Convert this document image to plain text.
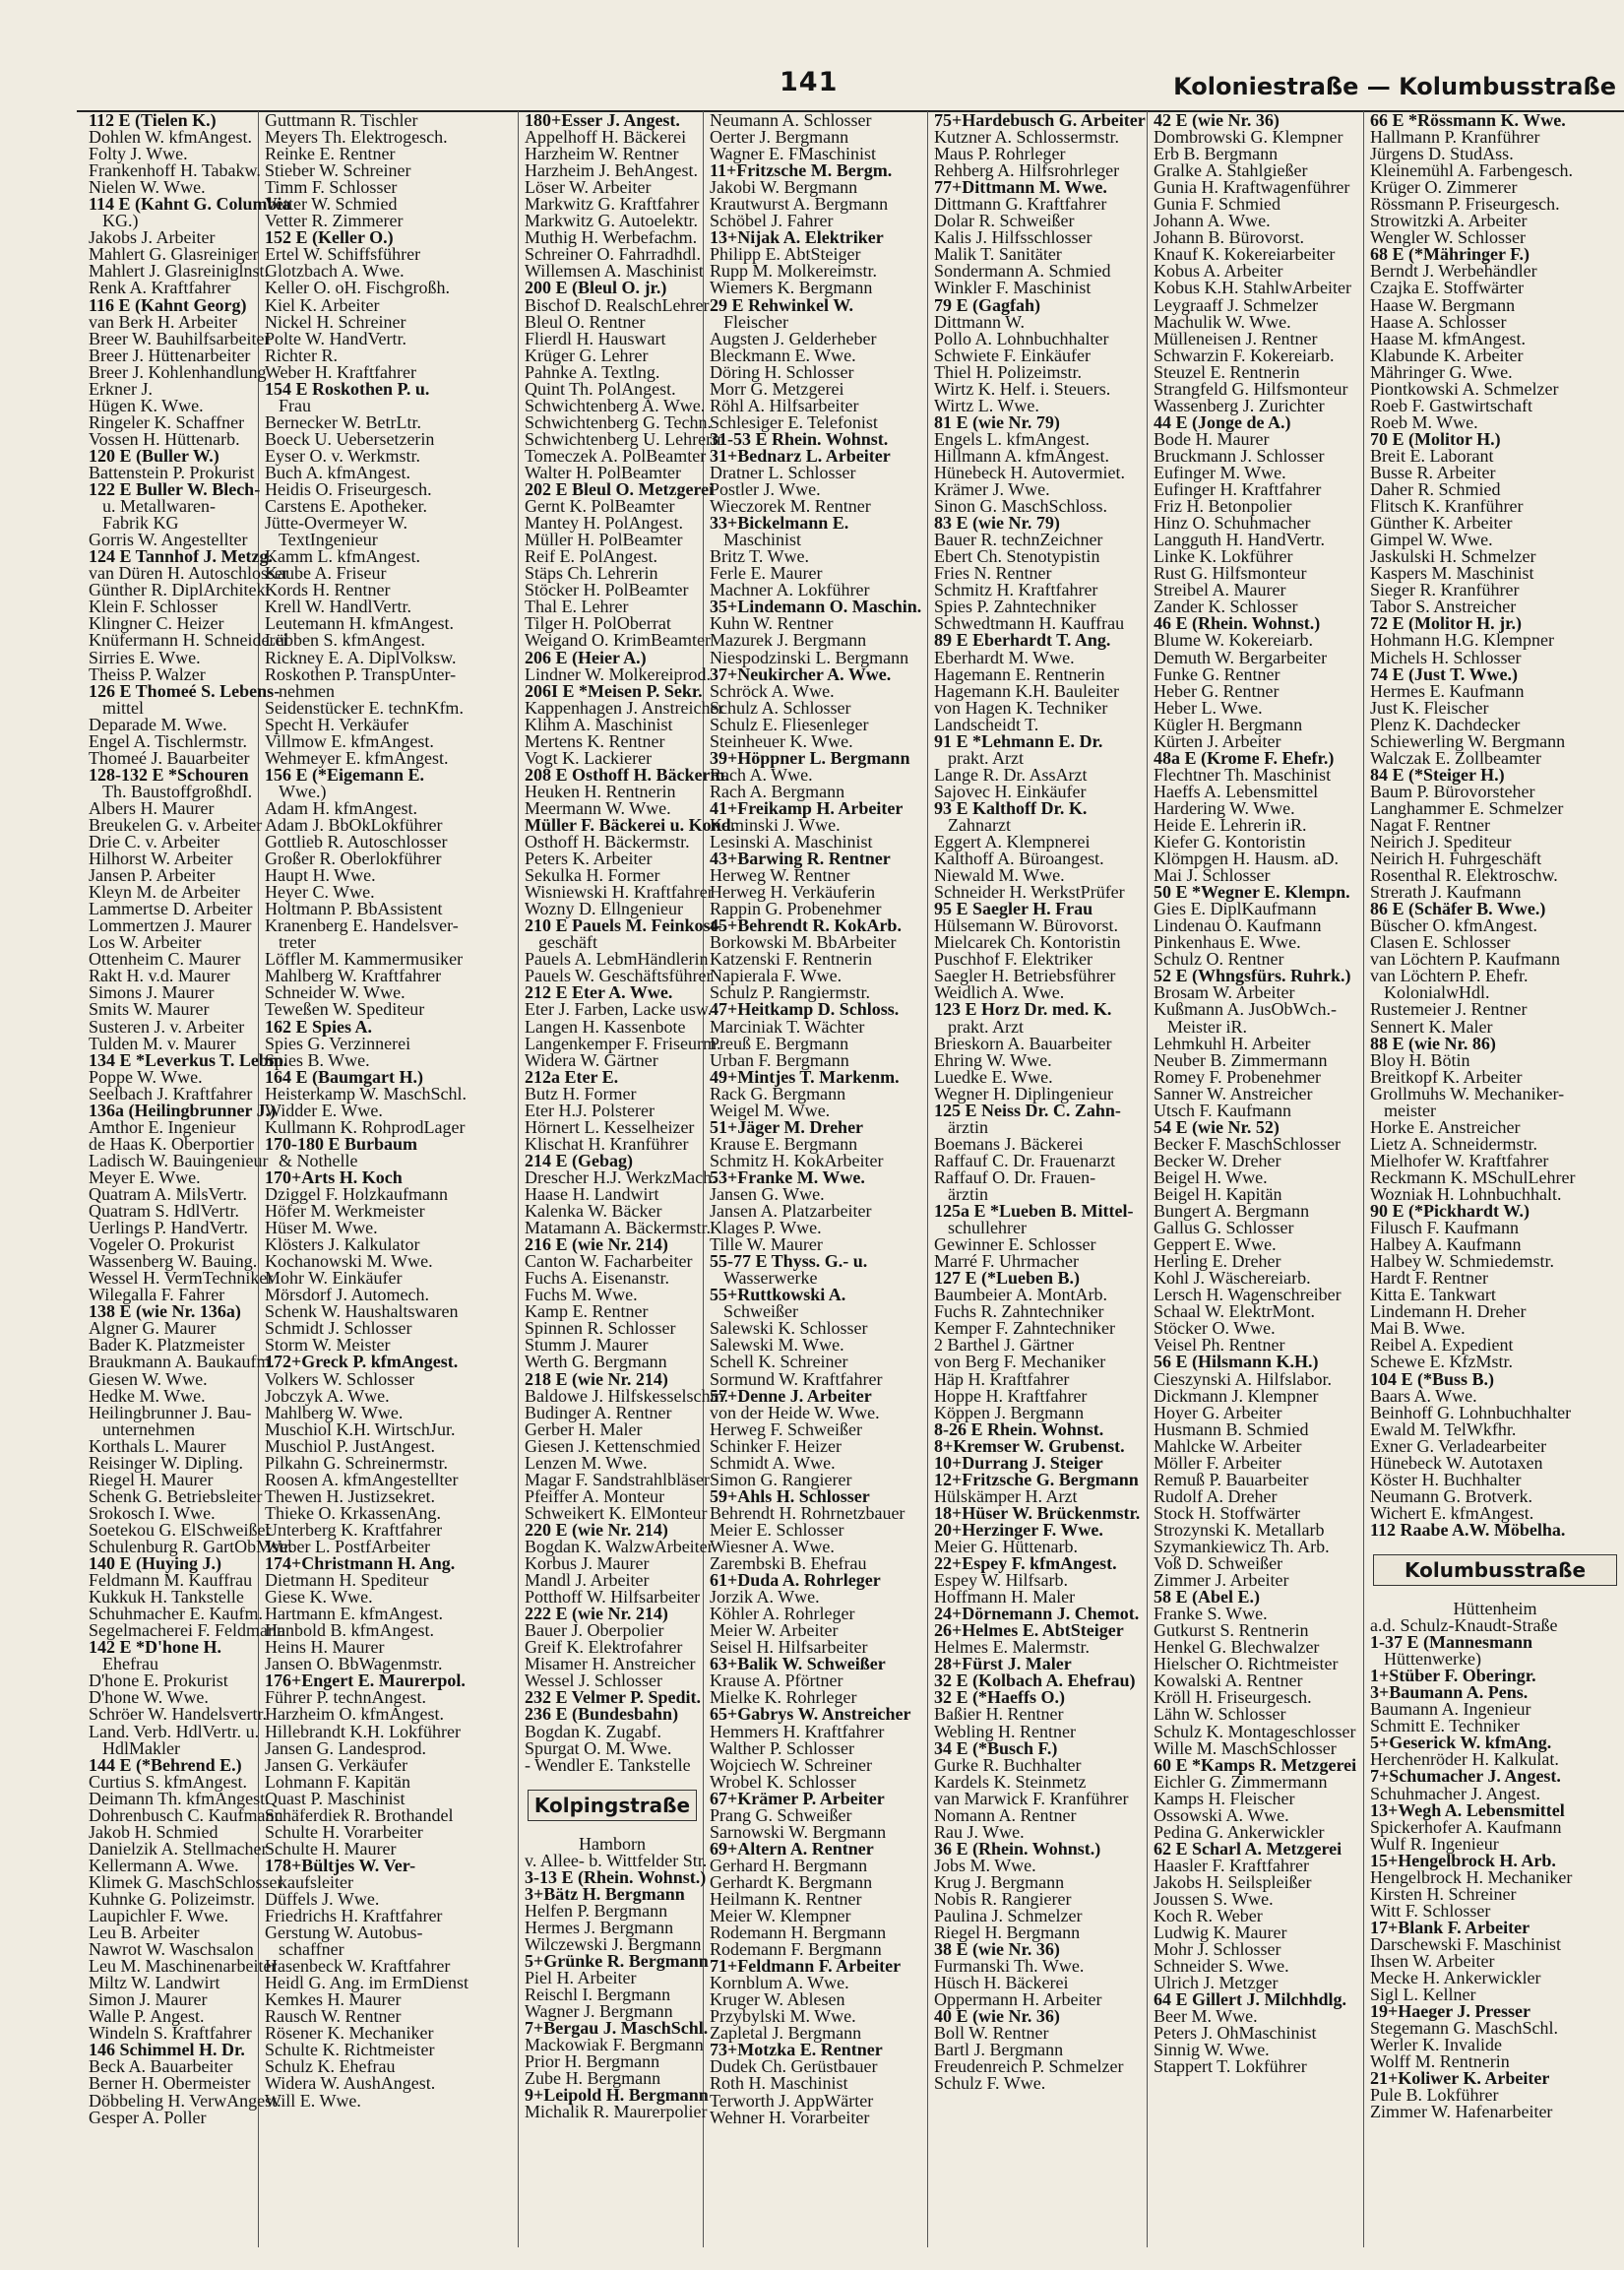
141	Koloniestraße — Kolumbusstraße
112 E (Tielen K.)
Dohlen W. kfmAngest.
Folty J. Wwe.
Frankenhoff H. Tabakw.
Nielen W. Wwe.
114 E (Kahnt G. Columbia
KG.)
Jakobs J. Arbeiter
Mahlert G. Glasreiniger
Mahlert J. Glasreiniglnst.
Renk A. Kraftfahrer
116 E (Kahnt Georg)
van Berk H. Arbeiter
Breer W. Bauhilfsarbeiter
Breer J. Hüttenarbeiter
Breer J. Kohlenhandlung
Erkner J.
Hügen K. Wwe.
Ringeler K. Schaffner
Vossen H. Hüttenarb.
120 E (Buller W.)
Battenstein P. Prokurist
122 E Buller W. Blech-
u. Metallwaren-
Fabrik KG
Gorris W. Angestellter
124 E Tannhof J. Metzg.
van Düren H. Autoschlosser
Günther R. DiplArchitekt
Klein F. Schlosser
Klingner C. Heizer
Knüfermann H. Schneiderei
Sirries E. Wwe.
Theiss P. Walzer
126 E Thomeé S. Lebens-
mittel
Deparade M. Wwe.
Engel A. Tischlermstr.
Thomeé J. Bauarbeiter
128-132 E *Schouren
Th. BaustoffgroßhdI.
Albers H. Maurer
Breukelen G. v. Arbeiter
Drie C. v. Arbeiter
Hilhorst W. Arbeiter
Jansen P. Arbeiter
Kleyn M. de Arbeiter
Lammertse D. Arbeiter
Lommertzen J. Maurer
Los W. Arbeiter
Ottenheim C. Maurer
Rakt H. v.d. Maurer
Simons J. Maurer
Smits W. Maurer
Susteren J. v. Arbeiter
Tulden M. v. Maurer
134 E *Leverkus T. Lebm.
Poppe W. Wwe.
Seelbach J. Kraftfahrer
136a (Heilingbrunner J.)
Amthor E. Ingenieur
de Haas K. Oberportier
Ladisch W. Bauingenieur
Meyer E. Wwe.
Quatram A. MilsVertr.
Quatram S. HdlVertr.
Uerlings P. HandVertr.
Vogeler O. Prokurist
Wassenberg W. Bauing.
Wessel H. VermTechniker
Wilegalla F. Fahrer
138 E (wie Nr. 136a)
Algner G. Maurer
Bader K. Platzmeister
Braukmann A. Baukaufm.
Giesen W. Wwe.
Hedke M. Wwe.
Heilingbrunner J. Bau-
unternehmen
Korthals L. Maurer
Reisinger W. Dipling.
Riegel H. Maurer
Schenk G. Betriebsleiter
Srokosch I. Wwe.
Soetekou G. ElSchweißer
Schulenburg R. GartObMstr.
140 E (Huying J.)
Feldmann M. Kauffrau
Kukkuk H. Tankstelle
Schuhmacher E. Kaufm.
Segelmacherei F. Feldmann
142 E *D'hone H.
Ehefrau
D'hone E. Prokurist
D'hone W. Wwe.
Schröer W. Handelsvertr.
Land. Verb. HdlVertr. u.
HdlMakler
144 E (*Behrend E.)
Curtius S. kfmAngest.
Deimann Th. kfmAngest.
Dohrenbusch C. Kaufmann
Jakob H. Schmied
Danielzik A. Stellmacher
Kellermann A. Wwe.
Klimek G. MaschSchlosser
Kuhnke G. Polizeimstr.
Laupichler F. Wwe.
Leu B. Arbeiter
Nawrot W. Waschsalon
Leu M. Maschinenarbeiter
Miltz W. Landwirt
Simon J. Maurer
Walle P. Angest.
Windeln S. Kraftfahrer
146 Schimmel H. Dr.
Beck A. Bauarbeiter
Berner H. Obermeister
Döbbeling H. VerwAngest.
Gesper A. Poller
Guttmann R. Tischler
Meyers Th. Elektrogesch.
Reinke E. Rentner
Stieber W. Schreiner
Timm F. Schlosser
Vetter W. Schmied
Vetter R. Zimmerer
152 E (Keller O.)
Ertel W. Schiffsführer
Glotzbach A. Wwe.
Keller O. oH. Fischgroßh.
Kiel K. Arbeiter
Nickel H. Schreiner
Polte W. HandVertr.
Richter R.
Weber H. Kraftfahrer
154 E Roskothen P. u.
Frau
Bernecker W. BetrLtr.
Boeck U. Uebersetzerin
Eyser O. v. Werkmstr.
Buch A. kfmAngest.
Heidis O. Friseurgesch.
Carstens E. Apotheker.
Jütte-Overmeyer W.
TextIngenieur
Kamm L. kfmAngest.
Kaube A. Friseur
Kords H. Rentner
Krell W. HandlVertr.
Leutemann H. kfmAngest.
Lübben S. kfmAngest.
Rickney E. A. DiplVolksw.
Roskothen P. TranspUnter-
nehmen
Seidenstücker E. technKfm.
Specht H. Verkäufer
Villmow E. kfmAngest.
Wehmeyer E. kfmAngest.
156 E (*Eigemann E.
Wwe.)
Adam H. kfmAngest.
Adam J. BbOkLokführer
Gottlieb R. Autoschlosser
Großer R. Oberlokführer
Haupt H. Wwe.
Heyer C. Wwe.
Holtmann P. BbAssistent
Kranenberg E. Handelsver-
treter
Löffler M. Kammermusiker
Mahlberg W. Kraftfahrer
Schneider W. Wwe.
Teweßen W. Spediteur
162 E Spies A.
Spies G. Verzinnerei
Spies B. Wwe.
164 E (Baumgart H.)
Heisterkamp W. MaschSchl.
Widder E. Wwe.
Kullmann K. RohprodLager
170-180 E Burbaum
& Nothelle
170+Arts H. Koch
Dziggel F. Holzkaufmann
Höfer M. Werkmeister
Hüser M. Wwe.
Klösters J. Kalkulator
Kochanowski M. Wwe.
Mohr W. Einkäufer
Mörsdorf J. Automech.
Schenk W. Haushaltswaren
Schmidt J. Schlosser
Storm W. Meister
172+Greck P. kfmAngest.
Volkers W. Schlosser
Jobczyk A. Wwe.
Mahlberg W. Wwe.
Muschiol K.H. WirtschJur.
Muschiol P. JustAngest.
Pilkahn G. Schreinermstr.
Roosen A. kfmAngestellter
Thewen H. Justizsekret.
Thieke O. KrkassenAng.
Unterberg K. Kraftfahrer
Weber L. PostfArbeiter
174+Christmann H. Ang.
Dietmann H. Spediteur
Giese K. Wwe.
Hartmann E. kfmAngest.
Hanbold B. kfmAngest.
Heins H. Maurer
Jansen O. BbWagenmstr.
176+Engert E. Maurerpol.
Führer P. technAngest.
Harzheim O. kfmAngest.
Hillebrandt K.H. Lokführer
Jansen G. Landesprod.
Jansen G. Verkäufer
Lohmann F. Kapitän
Quast P. Maschinist
Schäferdiek R. Brothandel
Schulte H. Vorarbeiter
Schulte H. Maurer
178+Bültjes W. Ver-
kaufsleiter
Düffels J. Wwe.
Friedrichs H. Kraftfahrer
Gerstung W. Autobus-
schaffner
Hasenbeck W. Kraftfahrer
Heidl G. Ang. im ErmDienst
Kemkes H. Maurer
Rausch W. Rentner
Rösener K. Mechaniker
Schulte K. Richtmeister
Schulz K. Ehefrau
Widera W. AushAngest.
Will E. Wwe.
180+Esser J. Angest.
Appelhoff H. Bäckerei
Harzheim W. Rentner
Harzheim J. BehAngest.
Löser W. Arbeiter
Markwitz G. Kraftfahrer
Markwitz G. Autoelektr.
Muthig H. Werbefachm.
Schreiner O. Fahrradhdl.
Willemsen A. Maschinist
200 E (Bleul O. jr.)
Bischof D. RealschLehrer
Bleul O. Rentner
Flierdl H. Hauswart
Krüger G. Lehrer
Pahnke A. Textlng.
Quint Th. PolAngest.
Schwichtenberg A. Wwe.
Schwichtenberg G. Techn.
Schwichtenberg U. Lehrerin
Tomeczek A. PolBeamter
Walter H. PolBeamter
202 E Bleul O. Metzgerei
Gernt K. PolBeamter
Mantey H. PolAngest.
Müller H. PolBeamter
Reif E. PolAngest.
Stäps Ch. Lehrerin
Stöcker H. PolBeamter
Thal E. Lehrer
Tilger H. PolOberrat
Weigand O. KrimBeamter
206 E (Heier A.)
Lindner W. Molkereiprod.
206I E *Meisen P. Sekr.
Kappenhagen J. Anstreicher
Klihm A. Maschinist
Mertens K. Rentner
Vogt K. Lackierer
208 E Osthoff H. Bäckerm.
Heuken H. Rentnerin
Meermann W. Wwe.
Müller F. Bäckerei u. Kond.
Osthoff H. Bäckermstr.
Peters K. Arbeiter
Sekulka H. Former
Wisniewski H. Kraftfahrer
Wozny D. Ellngenieur
210 E Pauels M. Feinkost-
geschäft
Pauels A. LebmHändlerin
Pauels W. Geschäftsführer
212 E Eter A. Wwe.
Eter J. Farben, Lacke usw.
Langen H. Kassenbote
Langenkemper F. Friseurm.
Widera W. Gärtner
212a Eter E.
Butz H. Former
Eter H.J. Polsterer
Hörnert L. Kesselheizer
Klischat H. Kranführer
214 E (Gebag)
Drescher H.J. WerkzMach.
Haase H. Landwirt
Kalenka W. Bäcker
Matamann A. Bäckermstr.
216 E (wie Nr. 214)
Canton W. Facharbeiter
Fuchs A. Eisenanstr.
Fuchs M. Wwe.
Kamp E. Rentner
Spinnen R. Schlosser
Stumm J. Maurer
Werth G. Bergmann
218 E (wie Nr. 214)
Baldowe J. Hilfskesselschm.
Budinger A. Rentner
Gerber H. Maler
Giesen J. Kettenschmied
Lenzen M. Wwe.
Magar F. Sandstrahlbläser
Pfeiffer A. Monteur
Schweikert K. ElMonteur
220 E (wie Nr. 214)
Bogdan K. WalzwArbeiter
Korbus J. Maurer
Mandl J. Arbeiter
Potthoff W. Hilfsarbeiter
222 E (wie Nr. 214)
Bauer J. Oberpolier
Greif K. Elektrofahrer
Misamer H. Anstreicher
Wessel J. Schlosser
232 E Velmer P. Spedit.
236 E (Bundesbahn)
Bogdan K. Zugabf.
Spurgat O. M. Wwe.
- Wendler E. Tankstelle
Kolpingstraße
Hamborn
v. Allee- b. Wittfelder Str.
3-13 E (Rhein. Wohnst.)
3+Bätz H. Bergmann
Helfen P. Bergmann
Hermes J. Bergmann
Wilczewski J. Bergmann
5+Grünke R. Bergmann
Piel H. Arbeiter
Reischl I. Bergmann
Wagner J. Bergmann
7+Bergau J. MaschSchl.
Mackowiak F. Bergmann
Prior H. Bergmann
Zube H. Bergmann
9+Leipold H. Bergmann
Michalik R. Maurerpolier
Neumann A. Schlosser
Oerter J. Bergmann
Wagner E. FMaschinist
11+Fritzsche M. Bergm.
Jakobi W. Bergmann
Krautwurst A. Bergmann
Schöbel J. Fahrer
13+Nijak A. Elektriker
Philipp E. AbtSteiger
Rupp M. Molkereimstr.
Wiemers K. Bergmann
29 E Rehwinkel W.
Fleischer
Augsten J. Gelderheber
Bleckmann E. Wwe.
Döring H. Schlosser
Morr G. Metzgerei
Röhl A. Hilfsarbeiter
Schlesiger E. Telefonist
31-53 E Rhein. Wohnst.
31+Bednarz L. Arbeiter
Dratner L. Schlosser
Postler J. Wwe.
Wieczorek M. Rentner
33+Bickelmann E.
Maschinist
Britz T. Wwe.
Ferle E. Maurer
Machner A. Lokführer
35+Lindemann O. Maschin.
Kuhn W. Rentner
Mazurek J. Bergmann
Niespodzinski L. Bergmann
37+Neukircher A. Wwe.
Schröck A. Wwe.
Schulz A. Schlosser
Schulz E. Fliesenleger
Steinheuer K. Wwe.
39+Höppner L. Bergmann
Rach A. Wwe.
Rach A. Bergmann
41+Freikamp H. Arbeiter
Kaminski J. Wwe.
Lesinski A. Maschinist
43+Barwing R. Rentner
Herweg W. Rentner
Herweg H. Verkäuferin
Rappin G. Probenehmer
45+Behrendt R. KokArb.
Borkowski M. BbArbeiter
Katzenski F. Rentnerin
Napierala F. Wwe.
Schulz P. Rangiermstr.
47+Heitkamp D. Schloss.
Marciniak T. Wächter
Preuß E. Bergmann
Urban F. Bergmann
49+Mintjes T. Markenm.
Rack G. Bergmann
Weigel M. Wwe.
51+Jäger M. Dreher
Krause E. Bergmann
Schmitz H. KokArbeiter
53+Franke M. Wwe.
Jansen G. Wwe.
Jansen A. Platzarbeiter
Klages P. Wwe.
Tille W. Maurer
55-77 E Thyss. G.- u.
Wasserwerke
55+Ruttkowski A.
Schweißer
Salewski K. Schlosser
Salewski M. Wwe.
Schell K. Schreiner
Sormund W. Kraftfahrer
57+Denne J. Arbeiter
von der Heide W. Wwe.
Herweg F. Schweißer
Schinker F. Heizer
Schmidt A. Wwe.
Simon G. Rangierer
59+Ahls H. Schlosser
Behrendt H. Rohrnetzbauer
Meier E. Schlosser
Wiesner A. Wwe.
Zarembski B. Ehefrau
61+Duda A. Rohrleger
Jorzik A. Wwe.
Köhler A. Rohrleger
Meier W. Arbeiter
Seisel H. Hilfsarbeiter
63+Balik W. Schweißer
Krause A. Pförtner
Mielke K. Rohrleger
65+Gabrys W. Anstreicher
Hemmers H. Kraftfahrer
Walther P. Schlosser
Wojciech W. Schreiner
Wrobel K. Schlosser
67+Krämer P. Arbeiter
Prang G. Schweißer
Sarnowski W. Bergmann
69+Altern A. Rentner
Gerhard H. Bergmann
Gerhardt K. Bergmann
Heilmann K. Rentner
Meier W. Klempner
Rodemann H. Bergmann
Rodemann F. Bergmann
71+Feldmann F. Arbeiter
Kornblum A. Wwe.
Kruger W. Ablesen
Przybylski M. Wwe.
Zapletal J. Bergmann
73+Motzka E. Rentner
Dudek Ch. Gerüstbauer
Roth H. Maschinist
Terworth J. AppWärter
Wehner H. Vorarbeiter
75+Hardebusch G. Arbeiter
Kutzner A. Schlossermstr.
Maus P. Rohrleger
Rehberg A. Hilfsrohrleger
77+Dittmann M. Wwe.
Dittmann G. Kraftfahrer
Dolar R. Schweißer
Kalis J. Hilfsschlosser
Malik T. Sanitäter
Sondermann A. Schmied
Winkler F. Maschinist
79 E (Gagfah)
Dittmann W.
Pollo A. Lohnbuchhalter
Schwiete F. Einkäufer
Thiel H. Polizeimstr.
Wirtz K. Helf. i. Steuers.
Wirtz L. Wwe.
81 E (wie Nr. 79)
Engels L. kfmAngest.
Hillmann A. kfmAngest.
Hünebeck H. Autovermiet.
Krämer J. Wwe.
Sinon G. MaschSchloss.
83 E (wie Nr. 79)
Bauer R. technZeichner
Ebert Ch. Stenotypistin
Fries N. Rentner
Schmitz H. Kraftfahrer
Spies P. Zahntechniker
Schwedtmann H. Kauffrau
89 E Eberhardt T. Ang.
Eberhardt M. Wwe.
Hagemann E. Rentnerin
Hagemann K.H. Bauleiter
von Hagen K. Techniker
Landscheidt T.
91 E *Lehmann E. Dr.
prakt. Arzt
Lange R. Dr. AssArzt
Sajovec H. Einkäufer
93 E Kalthoff Dr. K.
Zahnarzt
Eggert A. Klempnerei
Kalthoff A. Büroangest.
Niewald M. Wwe.
Schneider H. WerkstPrüfer
95 E Saegler H. Frau
Hülsemann W. Bürovorst.
Mielcarek Ch. Kontoristin
Puschhof F. Elektriker
Saegler H. Betriebsführer
Weidlich A. Wwe.
123 E Horz Dr. med. K.
prakt. Arzt
Brieskorn A. Bauarbeiter
Ehring W. Wwe.
Luedke E. Wwe.
Wegner H. Diplingenieur
125 E Neiss Dr. C. Zahn-
ärztin
Boemans J. Bäckerei
Raffauf C. Dr. Frauenarzt
Raffauf O. Dr. Frauen-
ärztin
125a E *Lueben B. Mittel-
schullehrer
Gewinner E. Schlosser
Marré F. Uhrmacher
127 E (*Lueben B.)
Baumbeier A. MontArb.
Fuchs R. Zahntechniker
Kemper F. Zahntechniker
2 Barthel J. Gärtner
von Berg F. Mechaniker
Häp H. Kraftfahrer
Hoppe H. Kraftfahrer
Köppen J. Bergmann
8-26 E Rhein. Wohnst.
8+Kremser W. Grubenst.
10+Durrang J. Steiger
12+Fritzsche G. Bergmann
Hülskämper H. Arzt
18+Hüser W. Brückenmstr.
20+Herzinger F. Wwe.
Meier G. Hüttenarb.
22+Espey F. kfmAngest.
Espey W. Hilfsarb.
Hoffmann H. Maler
24+Dörnemann J. Chemot.
26+Helmes E. AbtSteiger
Helmes E. Malermstr.
28+Fürst J. Maler
32 E (Kolbach A. Ehefrau)
32 E (*Haeffs O.)
Baßier H. Rentner
Webling H. Rentner
34 E (*Busch F.)
Gurke R. Buchhalter
Kardels K. Steinmetz
van Marwick F. Kranführer
Nomann A. Rentner
Rau J. Wwe.
36 E (Rhein. Wohnst.)
Jobs M. Wwe.
Krug J. Bergmann
Nobis R. Rangierer
Paulina J. Schmelzer
Riegel H. Bergmann
38 E (wie Nr. 36)
Furmanski Th. Wwe.
Hüsch H. Bäckerei
Oppermann H. Arbeiter
40 E (wie Nr. 36)
Boll W. Rentner
Bartl J. Bergmann
Freudenreich P. Schmelzer
Schulz F. Wwe.
42 E (wie Nr. 36)
Dombrowski G. Klempner
Erb B. Bergmann
Gralke A. Stahlgießer
Gunia H. Kraftwagenführer
Gunia F. Schmied
Johann A. Wwe.
Johann B. Bürovorst.
Knauf K. Kokereiarbeiter
Kobus A. Arbeiter
Kobus K.H. StahlwArbeiter
Leygraaff J. Schmelzer
Machulik W. Wwe.
Mülleneisen J. Rentner
Schwarzin F. Kokereiarb.
Steuzel E. Rentnerin
Strangfeld G. Hilfsmonteur
Wassenberg J. Zurichter
44 E (Jonge de A.)
Bode H. Maurer
Bruckmann J. Schlosser
Eufinger M. Wwe.
Eufinger H. Kraftfahrer
Friz H. Betonpolier
Hinz O. Schuhmacher
Langguth H. HandVertr.
Linke K. Lokführer
Rust G. Hilfsmonteur
Streibel A. Maurer
Zander K. Schlosser
46 E (Rhein. Wohnst.)
Blume W. Kokereiarb.
Demuth W. Bergarbeiter
Funke G. Rentner
Heber G. Rentner
Heber L. Wwe.
Kügler H. Bergmann
Kürten J. Arbeiter
48a E (Krome F. Ehefr.)
Flechtner Th. Maschinist
Haeffs A. Lebensmittel
Hardering W. Wwe.
Heide E. Lehrerin iR.
Kiefer G. Kontoristin
Klömpgen H. Hausm. aD.
Mai J. Schlosser
50 E *Wegner E. Klempn.
Gies E. DiplKaufmann
Lindenau O. Kaufmann
Pinkenhaus E. Wwe.
Schulz O. Rentner
52 E (Whngsfürs. Ruhrk.)
Brosam W. Arbeiter
Kußmann A. JusObWch.-
Meister iR.
Lehmkuhl H. Arbeiter
Neuber B. Zimmermann
Romey F. Probenehmer
Sanner W. Anstreicher
Utsch F. Kaufmann
54 E (wie Nr. 52)
Becker F. MaschSchlosser
Becker W. Dreher
Beigel H. Wwe.
Beigel H. Kapitän
Bungert A. Bergmann
Gallus G. Schlosser
Geppert E. Wwe.
Herling E. Dreher
Kohl J. Wäschereiarb.
Lersch H. Wagenschreiber
Schaal W. ElektrMont.
Stöcker O. Wwe.
Veisel Ph. Rentner
56 E (Hilsmann K.H.)
Cieszynski A. Hilfslabor.
Dickmann J. Klempner
Hoyer G. Arbeiter
Husmann B. Schmied
Mahlcke W. Arbeiter
Möller F. Arbeiter
Remuß P. Bauarbeiter
Rudolf A. Dreher
Stock H. Stoffwärter
Strozynski K. Metallarb
Szymankiewicz Th. Arb.
Voß D. Schweißer
Zimmer J. Arbeiter
58 E (Abel E.)
Franke S. Wwe.
Gutkurst S. Rentnerin
Henkel G. Blechwalzer
Hielscher O. Richtmeister
Kowalski A. Rentner
Kröll H. Friseurgesch.
Lähn W. Schlosser
Schulz K. Montageschlosser
Wille M. MaschSchlosser
60 E *Kamps R. Metzgerei
Eichler G. Zimmermann
Kamps H. Fleischer
Ossowski A. Wwe.
Pedina G. Ankerwickler
62 E Scharl A. Metzgerei
Haasler F. Kraftfahrer
Jakobs H. Seilspleißer
Joussen S. Wwe.
Koch R. Weber
Ludwig K. Maurer
Mohr J. Schlosser
Schneider S. Wwe.
Ulrich J. Metzger
64 E Gillert J. Milchhdlg.
Beer M. Wwe.
Peters J. OhMaschinist
Sinnig W. Wwe.
Stappert T. Lokführer
66 E *Rössmann K. Wwe.
Hallmann P. Kranführer
Jürgens D. StudAss.
Kleinemühl A. Farbengesch.
Krüger O. Zimmerer
Rössmann P. Friseurgesch.
Strowitzki A. Arbeiter
Wengler W. Schlosser
68 E (*Mähringer F.)
Berndt J. Werbehändler
Czajka E. Stoffwärter
Haase W. Bergmann
Haase A. Schlosser
Haase M. kfmAngest.
Klabunde K. Arbeiter
Mähringer G. Wwe.
Piontkowski A. Schmelzer
Roeb F. Gastwirtschaft
Roeb M. Wwe.
70 E (Molitor H.)
Breit E. Laborant
Busse R. Arbeiter
Daher R. Schmied
Flitsch K. Kranführer
Günther K. Arbeiter
Gimpel W. Wwe.
Jaskulski H. Schmelzer
Kaspers M. Maschinist
Sieger R. Kranführer
Tabor S. Anstreicher
72 E (Molitor H. jr.)
Hohmann H.G. Klempner
Michels H. Schlosser
74 E (Just T. Wwe.)
Hermes E. Kaufmann
Just K. Fleischer
Plenz K. Dachdecker
Schiewerling W. Bergmann
Walczak E. Zollbeamter
84 E (*Steiger H.)
Baum P. Bürovorsteher
Langhammer E. Schmelzer
Nagat F. Rentner
Neirich J. Spediteur
Neirich H. Fuhrgeschäft
Rosenthal R. Elektroschw.
Strerath J. Kaufmann
86 E (Schäfer B. Wwe.)
Büscher O. kfmAngest.
Clasen E. Schlosser
van Löchtern P. Kaufmann
van Löchtern P. Ehefr.
KolonialwHdl.
Rustemeier J. Rentner
Sennert K. Maler
88 E (wie Nr. 86)
Bloy H. Bötin
Breitkopf K. Arbeiter
Grollmuhs W. Mechaniker-
meister
Horke E. Anstreicher
Lietz A. Schneidermstr.
Mielhofer W. Kraftfahrer
Reckmann K. MSchulLehrer
Wozniak H. Lohnbuchhalt.
90 E (*Pickhardt W.)
Filusch F. Kaufmann
Halbey A. Kaufmann
Halbey W. Schmiedemstr.
Hardt F. Rentner
Kitta E. Tankwart
Lindemann H. Dreher
Mai B. Wwe.
Reibel A. Expedient
Schewe E. KfzMstr.
104 E (*Buss B.)
Baars A. Wwe.
Beinhoff G. Lohnbuchhalter
Ewald M. TelWkfhr.
Exner G. Verladearbeiter
Hünebeck W. Autotaxen
Köster H. Buchhalter
Neumann G. Brotverk.
Wichert E. kfmAngest.
112 Raabe A.W. Möbelha.
Kolumbusstraße
Hüttenheim
a.d. Schulz-Knaudt-Straße
1-37 E (Mannesmann
Hüttenwerke)
1+Stüber F. Oberingr.
3+Baumann A. Pens.
Baumann A. Ingenieur
Schmitt E. Techniker
5+Geserick W. kfmAng.
Herchenröder H. Kalkulat.
7+Schumacher J. Angest.
Schuhmacher J. Angest.
13+Wegh A. Lebensmittel
Spickerhofer A. Kaufmann
Wulf R. Ingenieur
15+Hengelbrock H. Arb.
Hengelbrock H. Mechaniker
Kirsten H. Schreiner
Witt F. Schlosser
17+Blank F. Arbeiter
Darschewski F. Maschinist
Ihsen W. Arbeiter
Mecke H. Ankerwickler
Sigl L. Kellner
19+Haeger J. Presser
Stegemann G. MaschSchl.
Werler K. Invalide
Wolff M. Rentnerin
21+Koliwer K. Arbeiter
Pule B. Lokführer
Zimmer W. Hafenarbeiter
